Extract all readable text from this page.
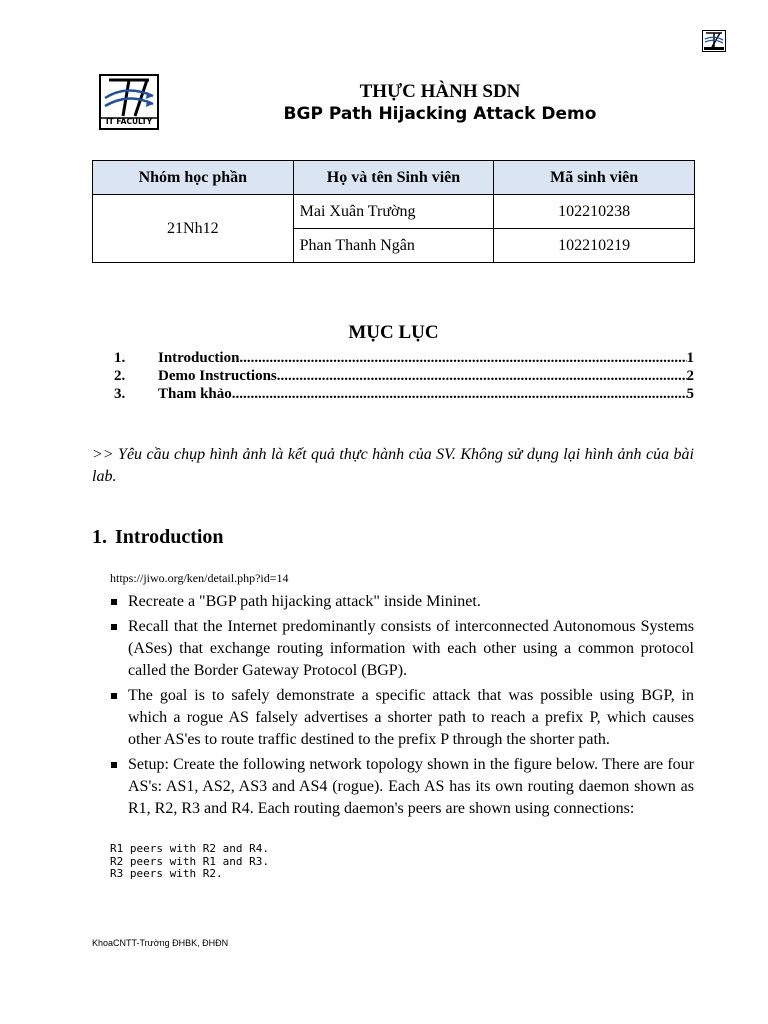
IT FACULTY
THỰC HÀNH SDN
BGP Path Hijacking Attack Demo
Nhóm học phần	Họ và tên Sinh viên	Mã sinh viên
21Nh12	Mai Xuân Trường	102210238
	Phan Thanh Ngân	102210219
MỤC LỤC
1.	Introduction .....	1
2.	Demo Instructions .....	2
3.	Tham khảo .....	5
>> Yêu cầu chụp hình ảnh là kết quả thực hành của SV. Không sử dụng lại hình ảnh của bài lab.
1. Introduction
https://jiwo.org/ken/detail.php?id=14
Recreate a "BGP path hijacking attack" inside Mininet.
Recall that the Internet predominantly consists of interconnected Autonomous Systems (ASes) that exchange routing information with each other using a common protocol called the Border Gateway Protocol (BGP).
The goal is to safely demonstrate a specific attack that was possible using BGP, in which a rogue AS falsely advertises a shorter path to reach a prefix P, which causes other AS'es to route traffic destined to the prefix P through the shorter path.
Setup: Create the following network topology shown in the figure below. There are four AS's: AS1, AS2, AS3 and AS4 (rogue). Each AS has its own routing daemon shown as R1, R2, R3 and R4. Each routing daemon's peers are shown using connections:
R1 peers with R2 and R4.
R2 peers with R1 and R3.
R3 peers with R2.
KhoaCNTT-Trường ĐHBK, ĐHĐN
